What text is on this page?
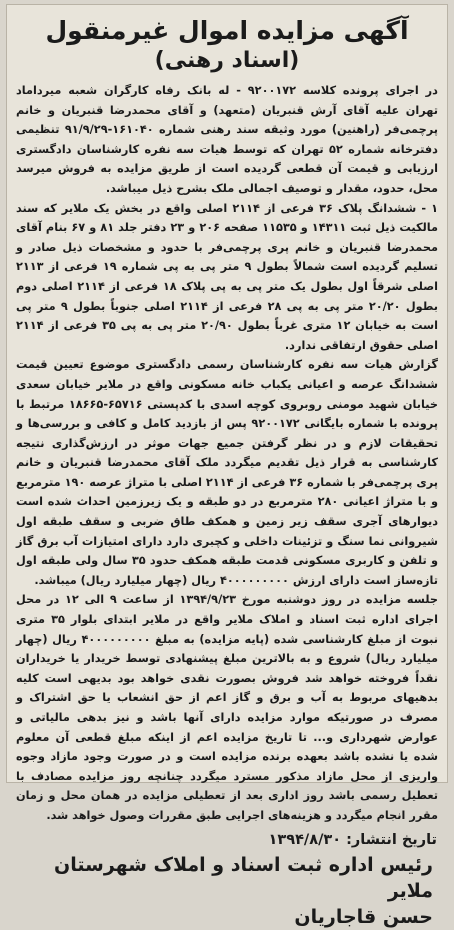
آگهی مزایده اموال غیرمنقول
(اسناد رهنی)

در اجرای پرونده کلاسه ۹۲۰۰۱۷۲ - له بانک رفاه کارگران شعبه میرداماد تهران علیه آقای آرش قنبریان (متعهد) و آقای محمدرضا قنبریان و خانم پرچمی‌فر (راهنین) مورد وثیقه سند رهنی شماره ۱۶۱۰۴۰-۹۱/۹/۲۹ تنظیمی دفترخانه شماره ۵۲ تهران که توسط هیات سه نفره کارشناسان دادگستری ارزیابی و قیمت آن قطعی گردیده است از طریق مزایده به فروش میرسد محل، حدود، مقدار و توصیف اجمالی ملک بشرح ذیل میباشد.

۱ - ششدانگ پلاک ۳۶ فرعی از ۲۱۱۴ اصلی واقع در بخش یک ملایر که سند مالکیت ذیل ثبت ۱۴۳۱۱ و ۱۱۵۳۵ صفحه ۲۰۶ و ۲۳ دفتر جلد ۸۱ و ۶۷ بنام آقای محمدرضا قنبریان و خانم پری پرچمی‌فر با حدود و مشخصات ذیل صادر و تسلیم گردیده است شمالاً بطول ۹ متر پی به پی شماره ۱۹ فرعی از ۲۱۱۳ اصلی شرقاً اول بطول یک متر پی به پی پلاک ۱۸ فرعی از ۲۱۱۴ اصلی دوم بطول ۲۰/۲۰ متر پی به پی ۲۸ فرعی از ۲۱۱۴ اصلی جنوباً بطول ۹ متر پی است به خیابان ۱۲ متری غرباً بطول ۲۰/۹۰ متر پی به پی ۳۵ فرعی از ۲۱۱۴ اصلی حقوق ارتفاقی ندارد.

گزارش هیات سه نفره کارشناسان رسمی دادگستری موضوع تعیین قیمت ششدانگ عرصه و اعیانی یکباب خانه مسکونی واقع در ملایر خیابان سعدی خیابان شهید مومنی روبروی کوچه اسدی با کدپستی ۶۵۷۱۶-۱۸۶۶۵ مرتبط با پرونده با شماره بایگانی ۹۲۰۰۱۷۲ پس از بازدید کامل و کافی و بررسی‌ها و تحقیقات لازم و در نظر گرفتن جمیع جهات موثر در ارزش‌گذاری نتیجه کارشناسی به قرار ذیل تقدیم میگردد ملک آقای محمدرضا قنبریان و خانم پری پرچمی‌فر با شماره ۳۶ فرعی از ۲۱۱۴ اصلی با متراژ عرصه ۱۹۰ مترمربع و با متراژ اعیانی ۲۸۰ مترمربع در دو طبقه و یک زیرزمین احداث شده است دیوارهای آجری سقف زیر زمین و همکف طاق ضربی و سقف طبقه اول شیروانی نما سنگ و تزئینات داخلی و کچبری دارد دارای امتیازات آب برق گاز و تلفن و کاربری مسکونی قدمت طبقه همکف حدود ۳۵ سال ولی طبقه اول تازه‌ساز است دارای ارزش ۴۰۰۰۰۰۰۰۰۰ ریال (چهار میلیارد ریال) میباشد.

جلسه مزایده در روز دوشنبه مورخ ۱۳۹۴/۹/۲۳ از ساعت ۹ الی ۱۲ در محل اجرای اداره ثبت اسناد و املاک ملایر واقع در ملایر ابتدای بلوار ۳۵ متری نبوت از مبلغ کارشناسی شده (پایه مزایده) به مبلغ ۴۰۰۰۰۰۰۰۰۰ ریال (چهار میلیارد ریال) شروع و به بالاترین مبلغ پیشنهادی توسط خریدار یا خریداران نقداً فروخته خواهد شد فروش بصورت نقدی خواهد بود بدیهی است کلیه بدهیهای مربوط به آب و برق و گاز اعم از حق انشعاب یا حق اشتراک و مصرف در صورتیکه موارد مزایده دارای آنها باشد و نیز بدهی مالیاتی و عوارض شهرداری و... تا تاریخ مزایده اعم از اینکه مبلغ قطعی آن معلوم شده یا نشده باشد بعهده برنده مزایده است و در صورت وجود مازاد وجوه واریزی از محل مازاد مذکور مسترد میگردد چنانچه روز مزایده مصادف با تعطیل رسمی باشد روز اداری بعد از تعطیلی مزایده در همان محل و زمان مقرر انجام میگردد و هزینه‌های اجرایی طبق مقررات وصول خواهد شد.

تاریخ انتشار: ۱۳۹۴/۸/۳۰
رئیس اداره ثبت اسناد و املاک شهرستان ملایر
حسن قاجاریان
